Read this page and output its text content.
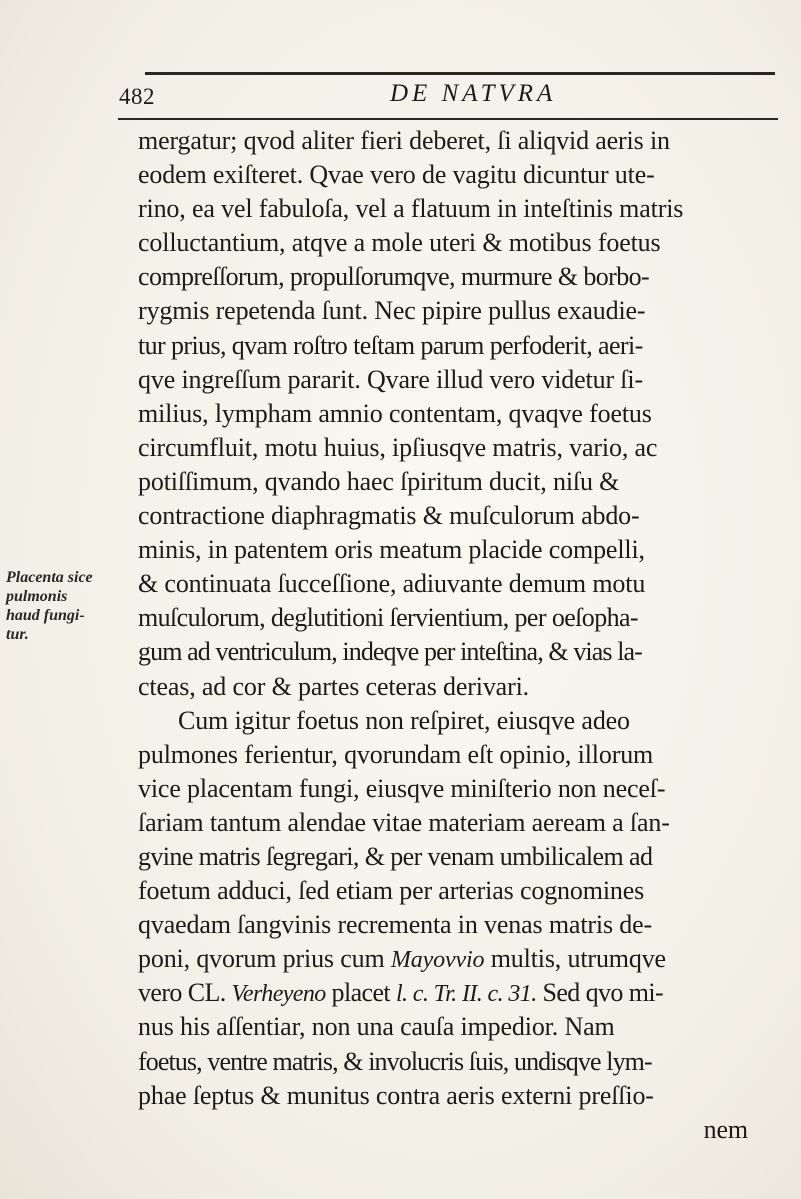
482	DE NATVRA
Placenta sice
pulmonis
haud fungi-
tur.
mergatur; qvod aliter fieri deberet, ſi aliqvid aeris in
eodem exiſteret. Qvae vero de vagitu dicuntur ute-
rino, ea vel fabuloſa, vel a flatuum in inteſtinis matris
colluctantium, atqve a mole uteri & motibus foetus
compreſſorum, propulſorumqve, murmure & borbo-
rygmis repetenda ſunt. Nec pipire pullus exaudie-
tur prius, qvam roſtro teſtam parum perfoderit, aeri-
qve ingreſſum pararit. Qvare illud vero videtur ſi-
milius, lympham amnio contentam, qvaqve foetus
circumfluit, motu huius, ipſiusqve matris, vario, ac
potiſſimum, qvando haec ſpiritum ducit, niſu &
contractione diaphragmatis & muſculorum abdo-
minis, in patentem oris meatum placide compelli,
& continuata ſucceſſione, adiuvante demum motu
muſculorum, deglutitioni ſervientium, per oeſopha-
gum ad ventriculum, indeqve per inteſtina, & vias la-
cteas, ad cor & partes ceteras derivari.
Cum igitur foetus non reſpiret, eiusqve adeo
pulmones ferientur, qvorundam eſt opinio, illorum
vice placentam fungi, eiusqve miniſterio non neceſ-
ſariam tantum alendae vitae materiam aeream a ſan-
gvine matris ſegregari, & per venam umbilicalem ad
foetum adduci, ſed etiam per arterias cognomines
qvaedam ſangvinis recrementa in venas matris de-
poni, qvorum prius cum Mayovvio multis, utrumqve
vero CL. Verheyeno placet l. c. Tr. II. c. 31. Sed qvo mi-
nus his aſſentiar, non una cauſa impedior. Nam
foetus, ventre matris, & involucris ſuis, undisqve lym-
phae ſeptus & munitus contra aeris externi preſſio-
nem
